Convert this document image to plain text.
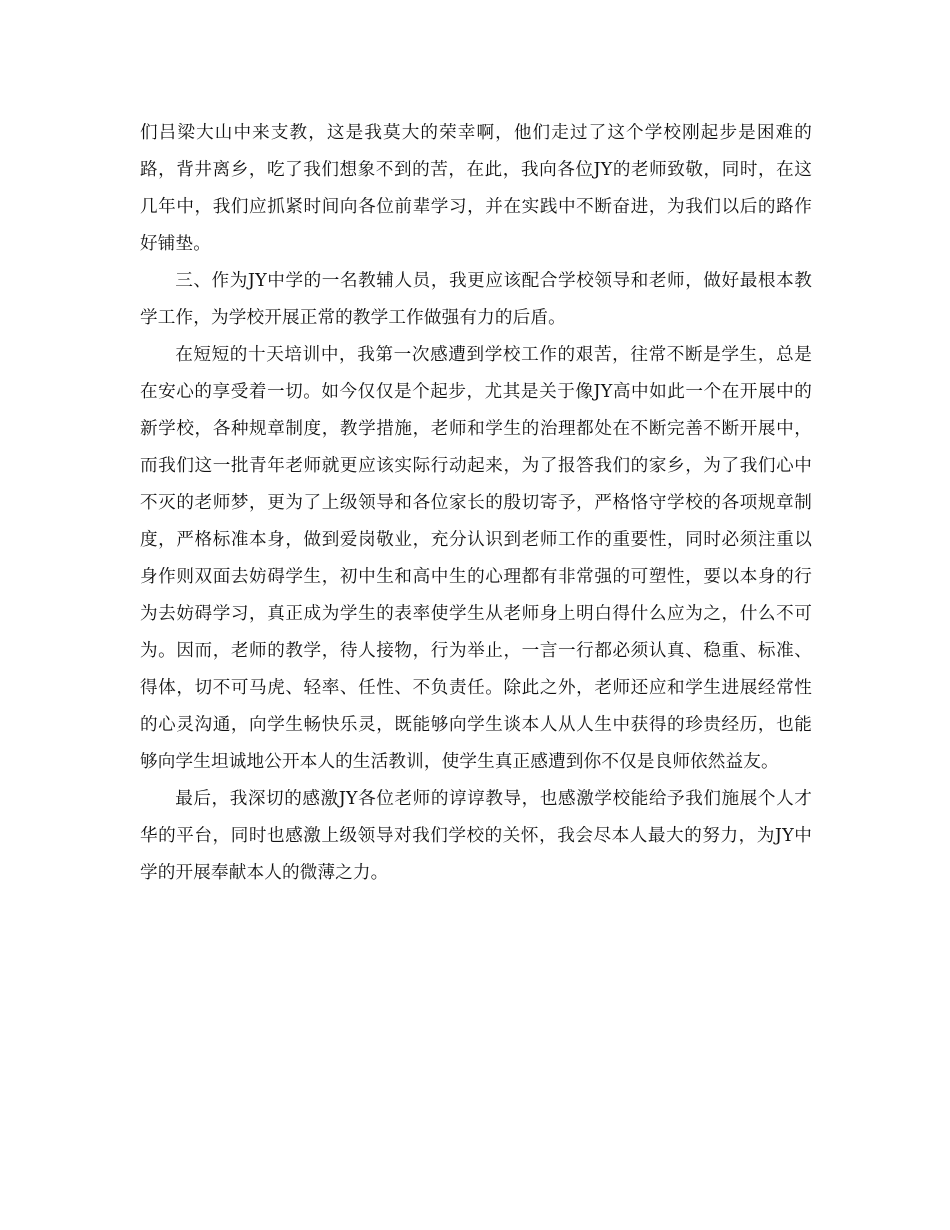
们吕梁大山中来支教，这是我莫大的荣幸啊，他们走过了这个学校刚起步是困难的路，背井离乡，吃了我们想象不到的苦，在此，我向各位JY的老师致敬，同时，在这几年中，我们应抓紧时间向各位前辈学习，并在实践中不断奋进，为我们以后的路作好铺垫。

三、作为JY中学的一名教辅人员，我更应该配合学校领导和老师，做好最根本教学工作，为学校开展正常的教学工作做强有力的后盾。

在短短的十天培训中，我第一次感遭到学校工作的艰苦，往常不断是学生，总是在安心的享受着一切。如今仅仅是个起步，尤其是关于像JY高中如此一个在开展中的新学校，各种规章制度，教学措施，老师和学生的治理都处在不断完善不断开展中，而我们这一批青年老师就更应该实际行动起来，为了报答我们的家乡，为了我们心中不灭的老师梦，更为了上级领导和各位家长的殷切寄予，严格恪守学校的各项规章制度，严格标准本身，做到爱岗敬业，充分认识到老师工作的重要性，同时必须注重以身作则双面去妨碍学生，初中生和高中生的心理都有非常强的可塑性，要以本身的行为去妨碍学习，真正成为学生的表率使学生从老师身上明白得什么应为之，什么不可为。因而，老师的教学，待人接物，行为举止，一言一行都必须认真、稳重、标准、得体，切不可马虎、轻率、任性、不负责任。除此之外，老师还应和学生进展经常性的心灵沟通，向学生畅快乐灵，既能够向学生谈本人从人生中获得的珍贵经历，也能够向学生坦诚地公开本人的生活教训，使学生真正感遭到你不仅是良师依然益友。

最后，我深切的感激JY各位老师的谆谆教导，也感激学校能给予我们施展个人才华的平台，同时也感激上级领导对我们学校的关怀，我会尽本人最大的努力，为JY中学的开展奉献本人的微薄之力。
